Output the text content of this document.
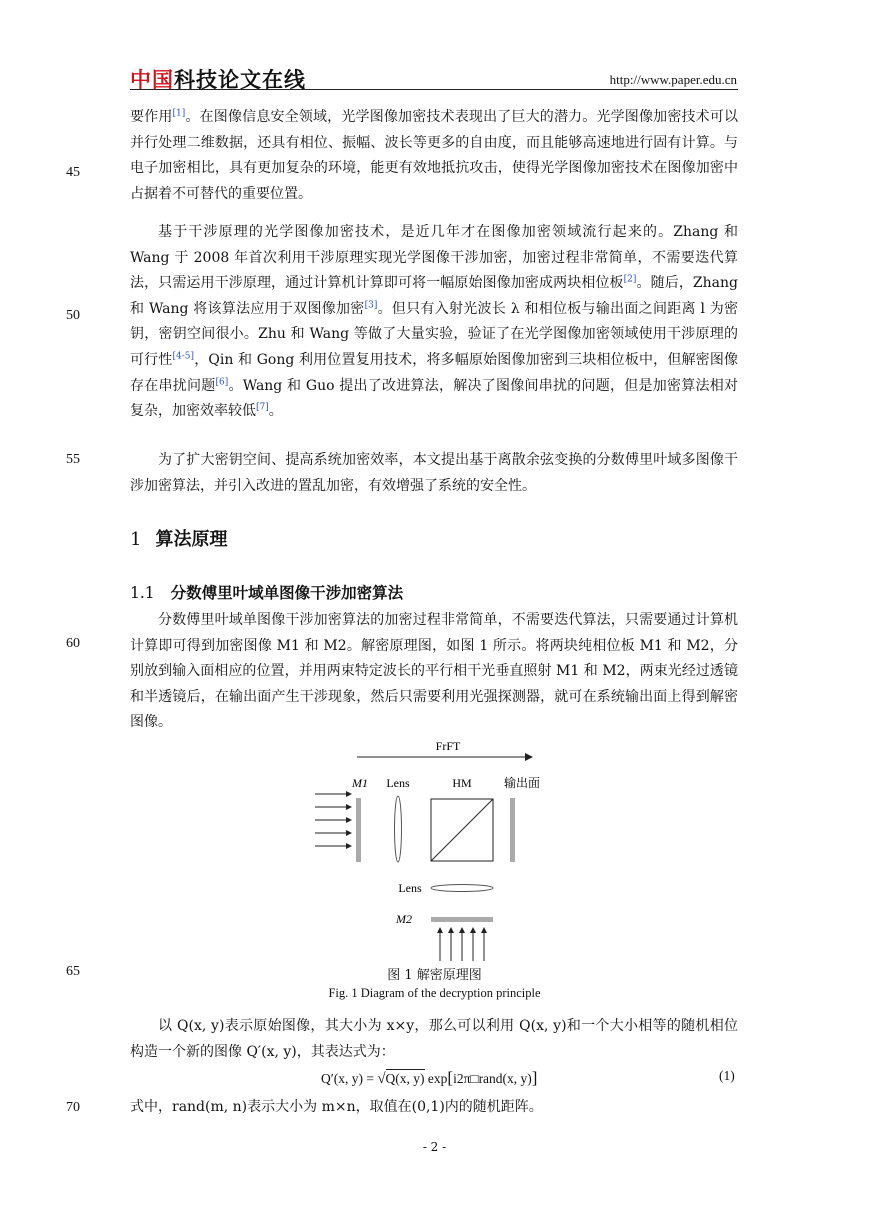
中国科技论文在线	http://www.paper.edu.cn
45
50
55
60
65
70

要作用[1]。在图像信息安全领域，光学图像加密技术表现出了巨大的潜力。光学图像加密技术可以并行处理二维数据，还具有相位、振幅、波长等更多的自由度，而且能够高速地进行固有计算。与电子加密相比，具有更加复杂的环境，能更有效地抵抗攻击，使得光学图像加密技术在图像加密中占据着不可替代的重要位置。

基于干涉原理的光学图像加密技术，是近几年才在图像加密领域流行起来的。Zhang 和 Wang 于 2008 年首次利用干涉原理实现光学图像干涉加密，加密过程非常简单，不需要迭代算法，只需运用干涉原理，通过计算机计算即可将一幅原始图像加密成两块相位板[2]。随后，Zhang 和 Wang 将该算法应用于双图像加密[3]。但只有入射光波长 λ 和相位板与输出面之间距离 l 为密钥，密钥空间很小。Zhu 和 Wang 等做了大量实验，验证了在光学图像加密领域使用干涉原理的可行性[4-5]，Qin 和 Gong 利用位置复用技术，将多幅原始图像加密到三块相位板中，但解密图像存在串扰问题[6]。Wang 和 Guo 提出了改进算法，解决了图像间串扰的问题，但是加密算法相对复杂，加密效率较低[7]。

为了扩大密钥空间、提高系统加密效率，本文提出基于离散余弦变换的分数傅里叶域多图像干涉加密算法，并引入改进的置乱加密，有效增强了系统的安全性。

1 算法原理
1.1 分数傅里叶域单图像干涉加密算法

分数傅里叶域单图像干涉加密算法的加密过程非常简单，不需要迭代算法，只需要通过计算机计算即可得到加密图像 M1 和 M2。解密原理图，如图 1 所示。将两块纯相位板 M1 和 M2，分别放到输入面相应的位置，并用两束特定波长的平行相干光垂直照射 M1 和 M2，两束光经过透镜和半透镜后，在输出面产生干涉现象，然后只需要利用光强探测器，就可在系统输出面上得到解密图像。

FrFT
M1 Lens	HM	输出面
Lens
M2
图 1 解密原理图
Fig. 1 Diagram of the decryption principle

以 Q(x, y)表示原始图像，其大小为 x×y，那么可以利用 Q(x, y)和一个大小相等的随机相位构造一个新的图像 Q′(x, y)，其表达式为：

Q′(x, y) = √Q(x, y) exp[i2π□rand(x, y)]	(1)

式中，rand(m, n)表示大小为 m×n，取值在(0,1)内的随机距阵。

- 2 -
